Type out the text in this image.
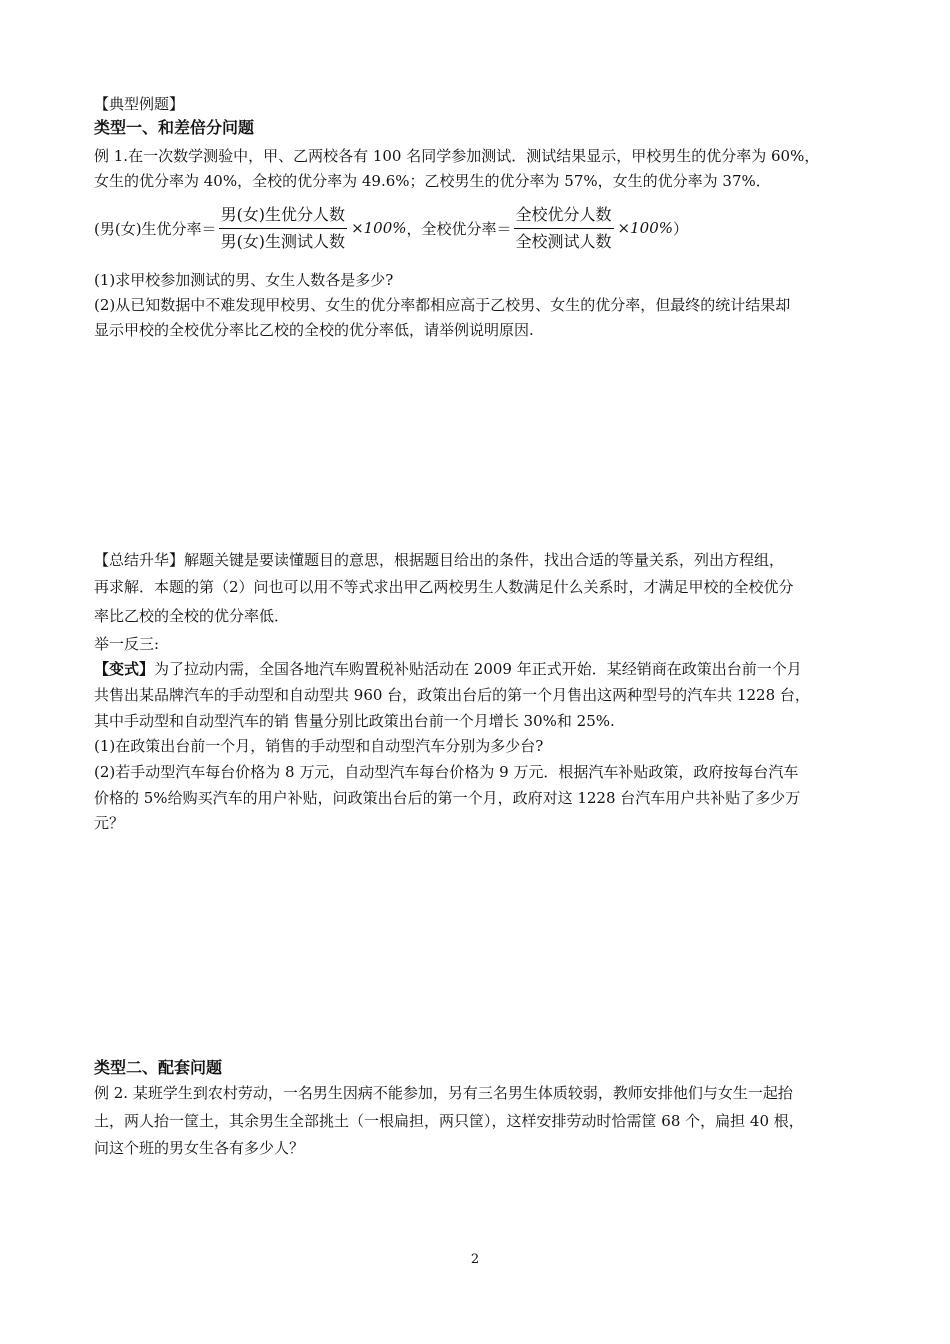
【典型例题】
类型一、和差倍分问题
例 1.在一次数学测验中，甲、乙两校各有 100 名同学参加测试．测试结果显示，甲校男生的优分率为 60%，
女生的优分率为 40%，全校的优分率为 49.6%；乙校男生的优分率为 57%，女生的优分率为 37%．
(男(女)生优分率＝ $\frac{\text{男(女)生优分人数}}{\text{男(女)生测试人数}} \times 100\%$ ，全校优分率＝ $\frac{\text{全校优分人数}}{\text{全校测试人数}} \times 100\%$ ）
(1)求甲校参加测试的男、女生人数各是多少?
(2)从已知数据中不难发现甲校男、女生的优分率都相应高于乙校男、女生的优分率，但最终的统计结果却
显示甲校的全校优分率比乙校的全校的优分率低，请举例说明原因.
【总结升华】解题关键是要读懂题目的意思，根据题目给出的条件，找出合适的等量关系，列出方程组，
再求解．本题的第（2）问也可以用不等式求出甲乙两校男生人数满足什么关系时，才满足甲校的全校优分
率比乙校的全校的优分率低．
举一反三:
【变式】为了拉动内需，全国各地汽车购置税补贴活动在 2009 年正式开始．某经销商在政策出台前一个月
共售出某品牌汽车的手动型和自动型共 960 台，政策出台后的第一个月售出这两种型号的汽车共 1228 台，
其中手动型和自动型汽车的销 售量分别比政策出台前一个月增长 30%和 25%.
(1)在政策出台前一个月，销售的手动型和自动型汽车分别为多少台?
(2)若手动型汽车每台价格为 8 万元，自动型汽车每台价格为 9 万元．根据汽车补贴政策，政府按每台汽车
价格的 5%给购买汽车的用户补贴，问政策出台后的第一个月，政府对这 1228 台汽车用户共补贴了多少万
元？
类型二、配套问题
例 2. 某班学生到农村劳动，一名男生因病不能参加，另有三名男生体质较弱，教师安排他们与女生一起抬
土，两人抬一筐土，其余男生全部挑土（一根扁担，两只筐），这样安排劳动时恰需筐 68 个，扁担 40 根，
问这个班的男女生各有多少人？
2
